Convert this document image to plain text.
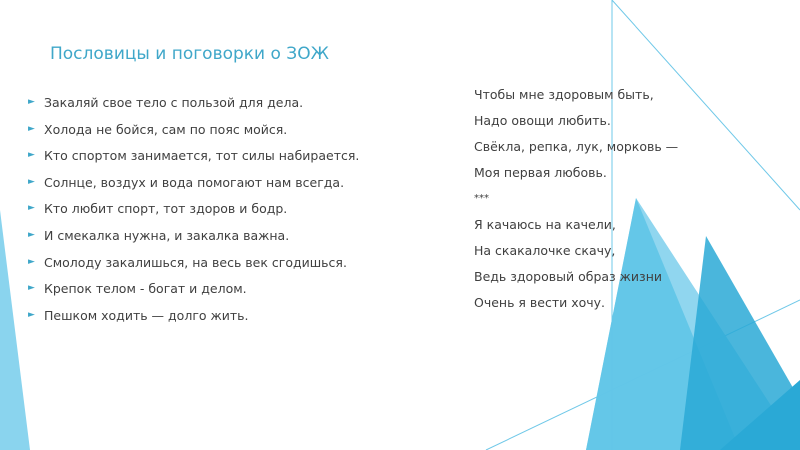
Пословицы и поговорки о ЗОЖ
► Закаляй свое тело с пользой для дела.
► Холода не бойся, сам по пояс мойся.
► Кто спортом занимается, тот силы набирается.
► Солнце, воздух и вода помогают нам всегда.
► Кто любит спорт, тот здоров и бодр.
► И смекалка нужна, и закалка важна.
► Смолоду закалишься, на весь век сгодишься.
► Крепок телом - богат и делом.
► Пешком ходить — долго жить.
Чтобы мне здоровым быть,
Надо овощи любить.
Свёкла, репка, лук, морковь —
Моя первая любовь.
***
Я качаюсь на качели,
На скакалочке скачу,
Ведь здоровый образ жизни
Очень я вести хочу.
